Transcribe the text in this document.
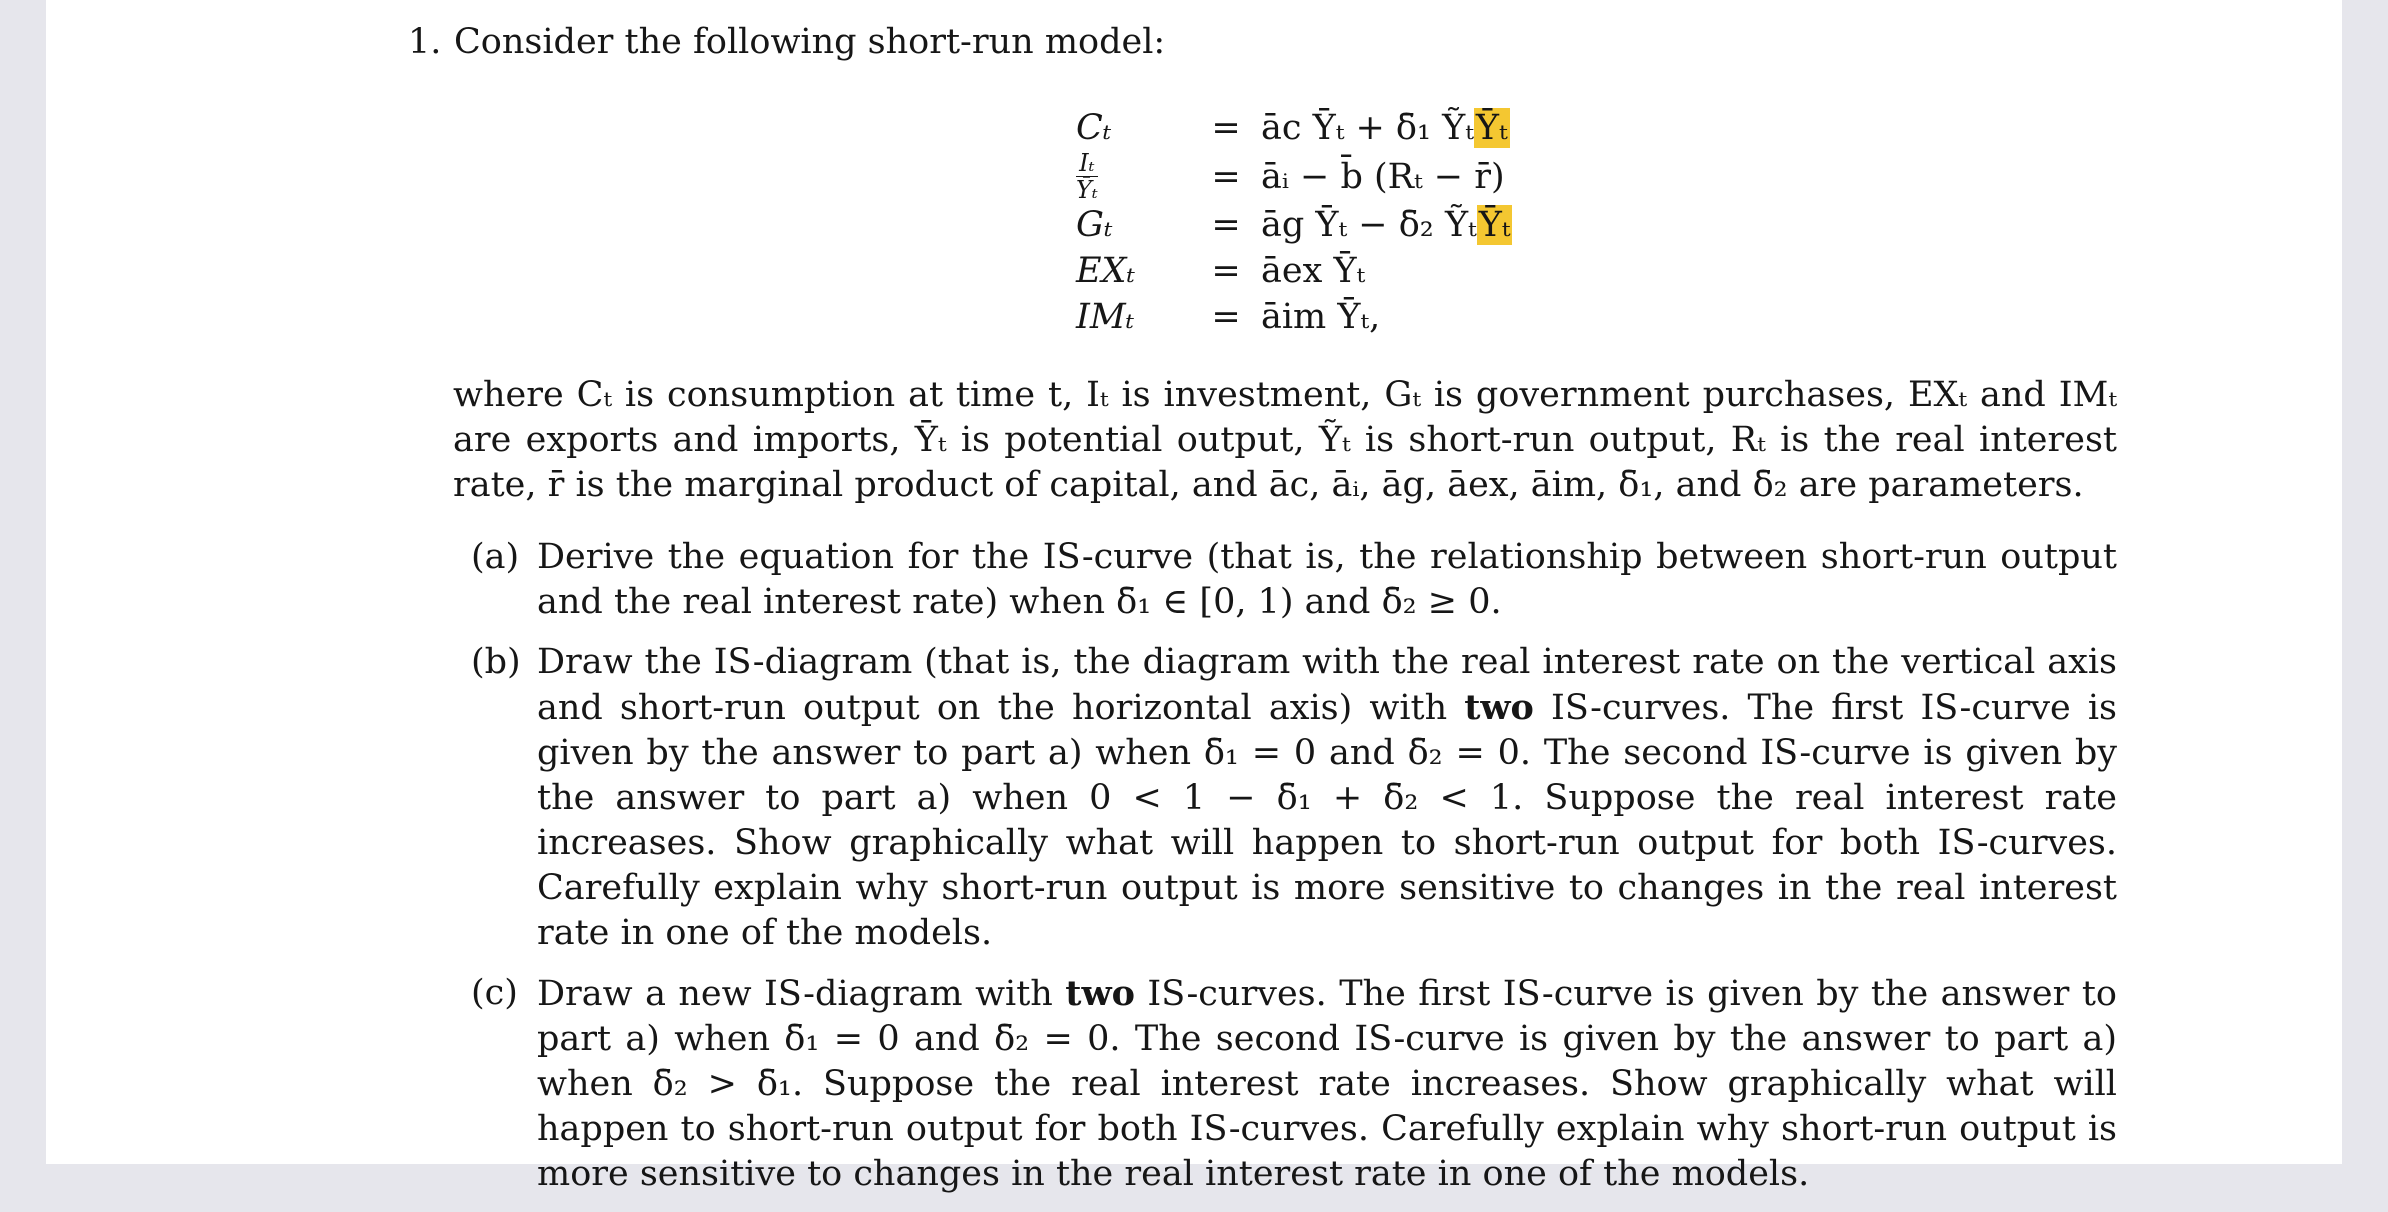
1. Consider the following short-run model:
Cₜ	=	āc Ȳₜ + δ̄₁ ỸₜȲₜ

$\frac{\text{Iₜ}}{\text{Ȳₜ}}$	=	āᵢ − b̄ (Rₜ − r̄)
Gₜ	=	āg Ȳₜ − δ̄₂ ỸₜȲₜ
EXₜ	=	āex Ȳₜ
IMₜ	=	āim Ȳₜ,
where Cₜ is consumption at time t, Iₜ is investment, Gₜ is government purchases, EXₜ and IMₜ are exports and imports, Ȳₜ is potential output, Ỹₜ is short-run output, Rₜ is the real interest rate, r̄ is the marginal product of capital, and āc, āᵢ, āg, āex, āim, δ̄₁, and δ̄₂ are parameters.
(a) Derive the equation for the IS-curve (that is, the relationship between short-run output and the real interest rate) when δ̄₁ ∈ [0, 1) and δ̄₂ ≥ 0.
(b) Draw the IS-diagram (that is, the diagram with the real interest rate on the vertical axis and short-run output on the horizontal axis) with two IS-curves. The first IS-curve is given by the answer to part a) when δ̄₁ = 0 and δ̄₂ = 0. The second IS-curve is given by the answer to part a) when 0 < 1 − δ̄₁ + δ̄₂ < 1. Suppose the real interest rate increases. Show graphically what will happen to short-run output for both IS-curves. Carefully explain why short-run output is more sensitive to changes in the real interest rate in one of the models.
(c) Draw a new IS-diagram with two IS-curves. The first IS-curve is given by the answer to part a) when δ̄₁ = 0 and δ̄₂ = 0. The second IS-curve is given by the answer to part a) when δ̄₂ > δ̄₁. Suppose the real interest rate increases. Show graphically what will happen to short-run output for both IS-curves. Carefully explain why short-run output is more sensitive to changes in the real interest rate in one of the models.
